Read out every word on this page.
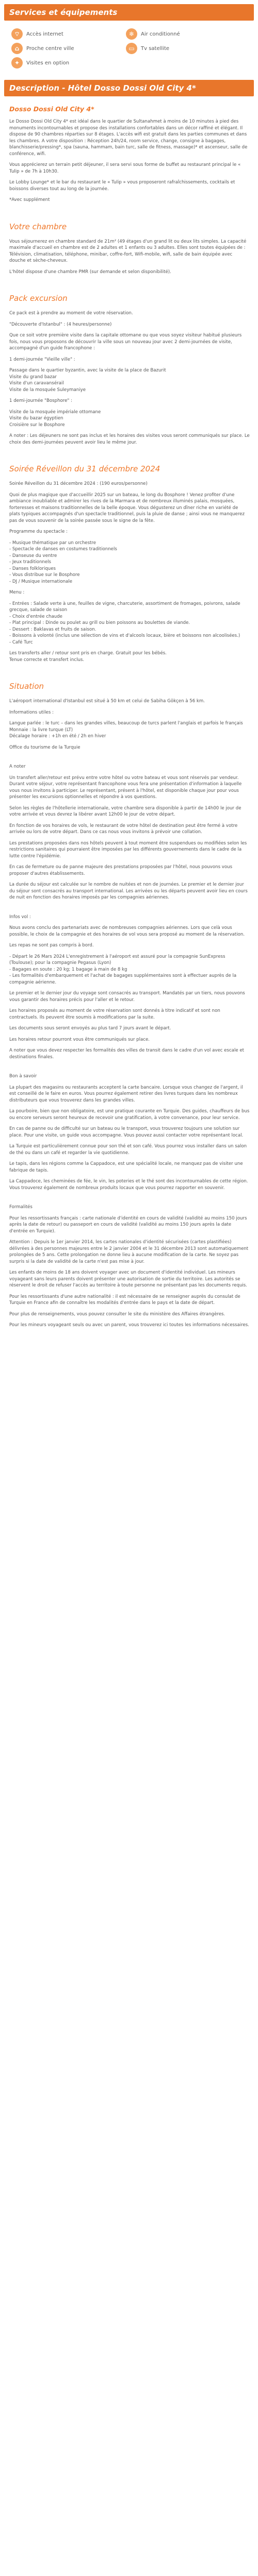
Services et équipements
⌔	Accès internet	❄	Air conditionné
⌂	Proche centre ville	▭	Tv satellite
✦	Visites en option
Description - Hôtel Dosso Dossi Old City 4*
Dosso Dossi Old City 4*

Le Dosso Dossi Old City 4* est idéal dans le quartier de Sultanahmet à moins de 10 minutes à pied des monuments incontournables et propose des installations confortables dans un décor raffiné et élégant. Il dispose de 90 chambres réparties sur 8 étages. L'accès wifi est gratuit dans les parties communes et dans les chambres. A votre disposition : Réception 24h/24, room service, change, consigne à bagages, blanchisserie/pressing*, spa (sauna, hammam, bain turc, salle de fitness, massage)* et ascenseur, salle de conférence, wifi.

Vous apprécierez un terrain petit déjeuner, il sera servi sous forme de buffet au restaurant principal le « Tulip » de 7h à 10h30.

Le Lobby Lounge* et le bar du restaurant le « Tulip » vous proposeront rafraîchissements, cocktails et boissons diverses tout au long de la journée.

*Avec supplément

Votre chambre

Vous séjournerez en chambre standard de 21m² (49 étages d'un grand lit ou deux lits simples. La capacité maximale d'accueil en chambre est de 2 adultes et 1 enfants ou 3 adultes. Elles sont toutes équipées de : Télévision, climatisation, téléphone, minibar, coffre-fort, Wifi-mobile, wifi, salle de bain équipée avec douche et sèche-cheveux.

L'hôtel dispose d'une chambre PMR (sur demande et selon disponibilité).

Pack excursion

Ce pack est à prendre au moment de votre réservation.

"Découverte d'Istanbul" : (4 heures/personne)

Que ce soit votre première visite dans la capitale ottomane ou que vous soyez visiteur habitué plusieurs fois, nous vous proposons de découvrir la ville sous un nouveau jour avec 2 demi-journées de visite, accompagné d'un guide francophone :

1 demi-journée "Vieille ville" :

Passage dans le quartier byzantin, avec la visite de la place de Bazurit
Visite du grand bazar
Visite d'un caravansérail
Visite de la mosquée Suleymaniye

1 demi-journée "Bosphore" :

Visite de la mosquée impériale ottomane
Visite du bazar égyptien
Croisière sur le Bosphore

A noter : Les déjeuners ne sont pas inclus et les horaires des visites vous seront communiqués sur place. Le choix des demi-journées peuvent avoir lieu le même jour.

Soirée Réveillon du 31 décembre 2024

Soirée Réveillon du 31 décembre 2024 : (190 euros/personne)

Quoi de plus magique que d'accueillir 2025 sur un bateau, le long du Bosphore ! Venez profiter d'une ambiance inoubliable et admirer les rives de la Marmara et de nombreux illuminés palais, mosquées, forteresses et maisons traditionnelles de la belle époque. Vous dégusterez un dîner riche en variété de plats typiques accompagnés d'un spectacle traditionnel, puis la pluie de danse ; ainsi vous ne manquerez pas de vous souvenir de la soirée passée sous le signe de la fête.

Programme du spectacle :

- Musique thématique par un orchestre
- Spectacle de danses en costumes traditionnels
- Danseuse du ventre
- Jeux traditionnels
- Danses folkloriques
- Vous distribue sur le Bosphore
- DJ / Musique internationale

Menu :

- Entrées : Salade verte à une, feuilles de vigne, charcuterie, assortiment de fromages, poivrons, salade grecque, salade de saison
- Choix d'entrée chaude
- Plat principal : Dinde ou poulet au grill ou bien poissons au boulettes de viande.
- Dessert : Baklavas et fruits de saison.
- Boissons à volonté (inclus une sélection de vins et d'alcools locaux, bière et boissons non alcoolisées.)
- Café Turc

Les transferts aller / retour sont pris en charge. Gratuit pour les bébés.
Tenue correcte et transfert inclus.

Situation

L'aéroport international d'Istanbul est situé à 50 km et celui de Sabiha Gökçen à 56 km.

Informations utiles :

Langue parlée : le turc – dans les grandes villes, beaucoup de turcs parlent l'anglais et parfois le français
Monnaie : la livre turque (LT)
Décalage horaire : +1h en été / 2h en hiver

Office du tourisme de la Turquie

A noter

Un transfert aller/retour est prévu entre votre hôtel ou votre bateau et vous sont réservés par vendeur. Durant votre séjour, votre représentant francophone vous fera une présentation d'information à laquelle vous nous invitons à participer. Le représentant, présent à l'hôtel, est disponible chaque jour pour vous présenter les excursions optionnelles et répondre à vos questions.

Selon les règles de l'hôtellerie internationale, votre chambre sera disponible à partir de 14h00 le jour de votre arrivée et vous devrez la libérer avant 12h00 le jour de votre départ.

En fonction de vos horaires de vols, le restaurant de votre hôtel de destination peut être fermé à votre arrivée ou lors de votre départ. Dans ce cas nous vous invitons à prévoir une collation.

Les prestations proposées dans nos hôtels peuvent à tout moment être suspendues ou modifiées selon les restrictions sanitaires qui pourraient être imposées par les différents gouvernements dans le cadre de la lutte contre l'épidémie.

En cas de fermeture ou de panne majeure des prestations proposées par l'hôtel, nous pouvons vous proposer d'autres établissements.

La durée du séjour est calculée sur le nombre de nuitées et non de journées. Le premier et le dernier jour du séjour sont consacrés au transport international. Les arrivées ou les départs peuvent avoir lieu en cours de nuit en fonction des horaires imposés par les compagnies aériennes.

Infos vol :

Nous avons conclu des partenariats avec de nombreuses compagnies aériennes. Lors que celà vous possible, le choix de la compagnie et des horaires de vol vous sera proposé au moment de la réservation.

Les repas ne sont pas compris à bord.

- Départ le 26 Mars 2024 L'enregistrement à l'aéroport est assuré pour la compagnie SunExpress (Toulouse); pour la compagnie Pegasus (Lyon)
- Bagages en soute : 20 kg; 1 bagage à main de 8 kg
- Les formalités d'embarquement et l'achat de bagages supplémentaires sont à effectuer auprès de la compagnie aérienne.

Le premier et le dernier jour du voyage sont consacrés au transport. Mandatés par un tiers, nous pouvons vous garantir des horaires précis pour l'aller et le retour.

Les horaires proposés au moment de votre réservation sont donnés à titre indicatif et sont non contractuels. Ils peuvent être soumis à modifications par la suite.

Les documents sous seront envoyés au plus tard 7 jours avant le départ.

Les horaires retour pourront vous être communiqués sur place.

A noter que vous devez respecter les formalités des villes de transit dans le cadre d'un vol avec escale et destinations finales.

Bon à savoir

La plupart des magasins ou restaurants acceptent la carte bancaire. Lorsque vous changez de l'argent, il est conseillé de le faire en euros. Vous pourrez également retirer des livres turques dans les nombreux distributeurs que vous trouverez dans les grandes villes.

La pourboire, bien que non obligatoire, est une pratique courante en Turquie. Des guides, chauffeurs de bus ou encore serveurs seront heureux de recevoir une gratification, à votre convenance, pour leur service.

En cas de panne ou de difficulté sur un bateau ou le transport, vous trouverez toujours une solution sur place. Pour une visite, un guide vous accompagne. Vous pouvez aussi contacter votre représentant local.

La Turquie est particulièrement connue pour son thé et son café. Vous pourrez vous installer dans un salon de thé ou dans un café et regarder la vie quotidienne.

Le tapis, dans les régions comme la Cappadoce, est une spécialité locale, ne manquez pas de visiter une fabrique de tapis.

La Cappadoce, les cheminées de fée, le vin, les poteries et le thé sont des incontournables de cette région. Vous trouverez également de nombreux produits locaux que vous pourrez rapporter en souvenir.

Formalités

Pour les ressortissants français : carte nationale d'identité en cours de validité (validité au moins 150 jours après la date de retour) ou passeport en cours de validité (validité au moins 150 jours après la date d'entrée en Turquie).

Attention : Depuis le 1er janvier 2014, les cartes nationales d'identité sécurisées (cartes plastifiées) délivrées à des personnes majeures entre le 2 janvier 2004 et le 31 décembre 2013 sont automatiquement prolongées de 5 ans. Cette prolongation ne donne lieu à aucune modification de la carte. Ne soyez pas surpris si la date de validité de la carte n'est pas mise à jour.

Les enfants de moins de 18 ans doivent voyager avec un document d'identité individuel. Les mineurs voyageant sans leurs parents doivent présenter une autorisation de sortie du territoire. Les autorités se réservent le droit de refuser l'accès au territoire à toute personne ne présentant pas les documents requis.

Pour les ressortissants d'une autre nationalité : il est nécessaire de se renseigner auprès du consulat de Turquie en France afin de connaître les modalités d'entrée dans le pays et la date de départ.

Pour plus de renseignements, vous pouvez consulter le site du ministère des Affaires étrangères.

Pour les mineurs voyageant seuls ou avec un parent, vous trouverez ici toutes les informations nécessaires.
